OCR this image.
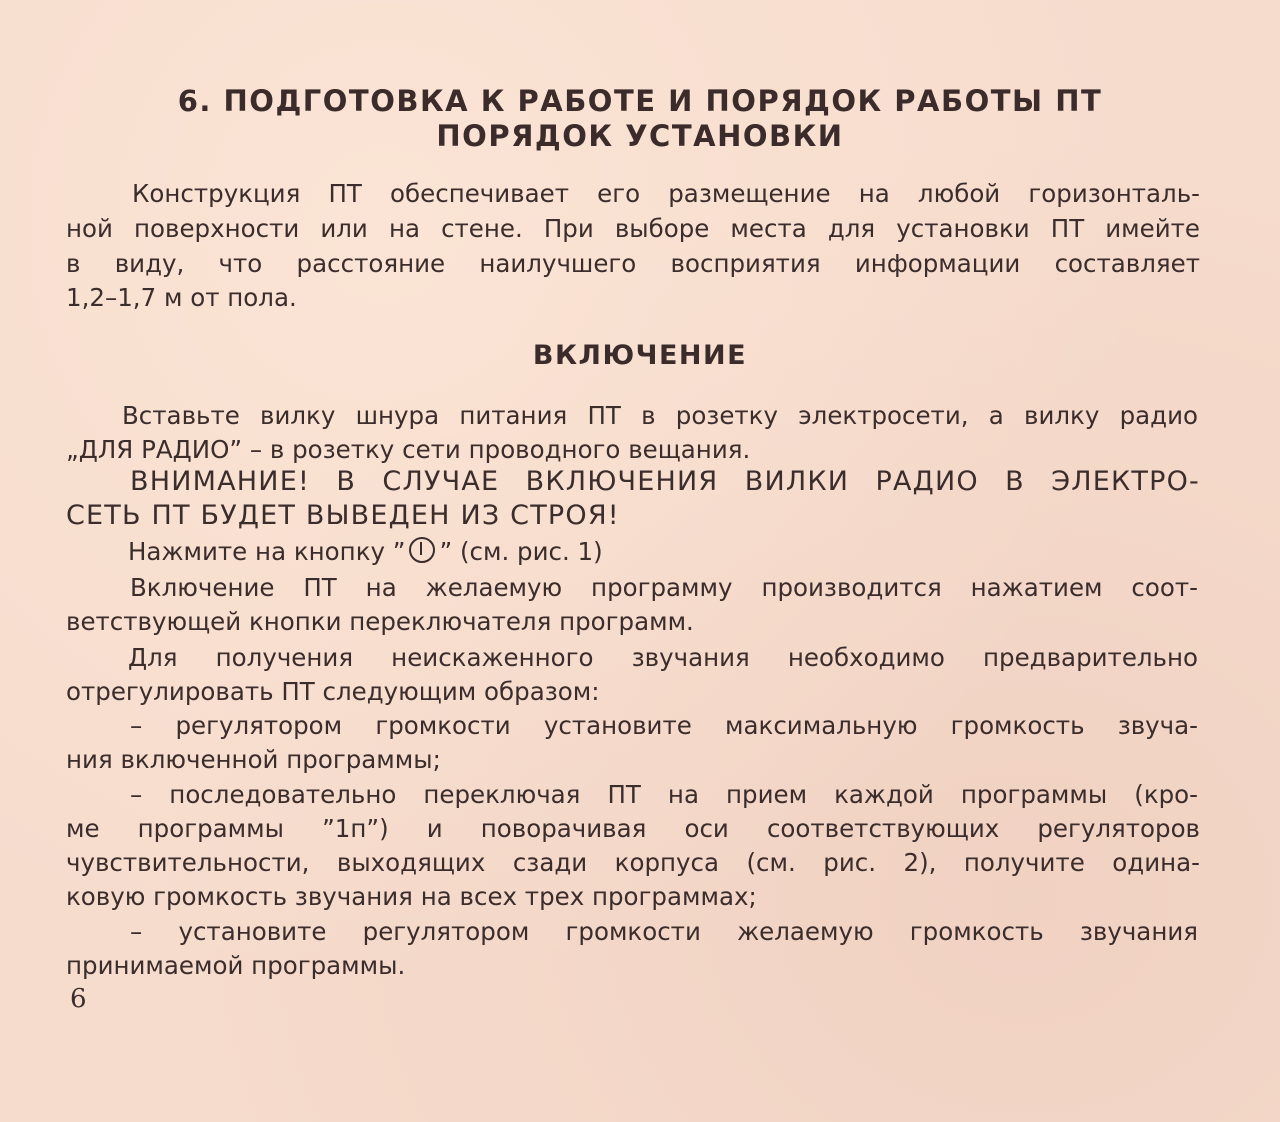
6. ПОДГОТОВКА К РАБОТЕ И ПОРЯДОК РАБОТЫ ПТ
ПОРЯДОК УСТАНОВКИ
Конструкция ПТ обеспечивает его размещение на любой горизонталь-
ной поверхности или на стене. При выборе места для установки ПТ имейте
в виду, что расстояние наилучшего восприятия информации составляет
1,2–1,7 м от пола.
ВКЛЮЧЕНИЕ
Вставьте вилку шнура питания ПТ в розетку электросети, а вилку радио
„ДЛЯ РАДИО” – в розетку сети проводного вещания.
ВНИМАНИЕ! В СЛУЧАЕ ВКЛЮЧЕНИЯ ВИЛКИ РАДИО В ЭЛЕКТРО-
СЕТЬ ПТ БУДЕТ ВЫВЕДЕН ИЗ СТРОЯ!
Нажмите на кнопку ” ” (см. рис. 1)
Включение ПТ на желаемую программу производится нажатием соот-
ветствующей кнопки переключателя программ.
Для получения неискаженного звучания необходимо предварительно
отрегулировать ПТ следующим образом:
– регулятором громкости установите максимальную громкость звуча-
ния включенной программы;
– последовательно переключая ПТ на прием каждой программы (кро-
ме программы ”1п”) и поворачивая оси соответствующих регуляторов
чувствительности, выходящих сзади корпуса (см. рис. 2), получите одина-
ковую громкость звучания на всех трех программах;
– установите регулятором громкости желаемую громкость звучания
принимаемой программы.
6
